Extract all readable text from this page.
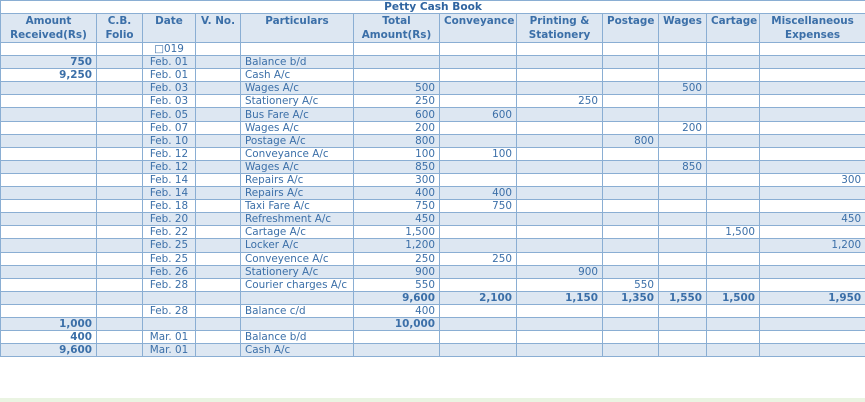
Petty Cash Book											
Amount Received(Rs)	C.B. Folio	Date	V. No.	Particulars	Total Amount(Rs)	Conveyance	Printing & Stationery	Postage	Wages	Cartage	Miscellaneous Expenses
		□019									
750		Feb. 01		Balance b/d							
9,250		Feb. 01		Cash A/c							
		Feb. 03		Wages A/c	500				500		
		Feb. 03		Stationery A/c	250		250				
		Feb. 05		Bus Fare A/c	600	600					
		Feb. 07		Wages A/c	200				200		
		Feb. 10		Postage A/c	800			800			
		Feb. 12		Conveyance A/c	100	100					
		Feb. 12		Wages A/c	850				850		
		Feb. 14		Repairs A/c	300						300
		Feb. 14		Repairs A/c	400	400					
		Feb. 18		Taxi Fare A/c	750	750					
		Feb. 20		Refreshment A/c	450						450
		Feb. 22		Cartage A/c	1,500					1,500	
		Feb. 25		Locker A/c	1,200						1,200
		Feb. 25		Conveyence A/c	250	250					
		Feb. 26		Stationery A/c	900		900				
		Feb. 28		Courier charges A/c	550			550			
					9,600	2,100	1,150	1,350	1,550	1,500	1,950
		Feb. 28		Balance c/d	400						
1,000					10,000						
400		Mar. 01		Balance b/d							
9,600		Mar. 01		Cash A/c							
